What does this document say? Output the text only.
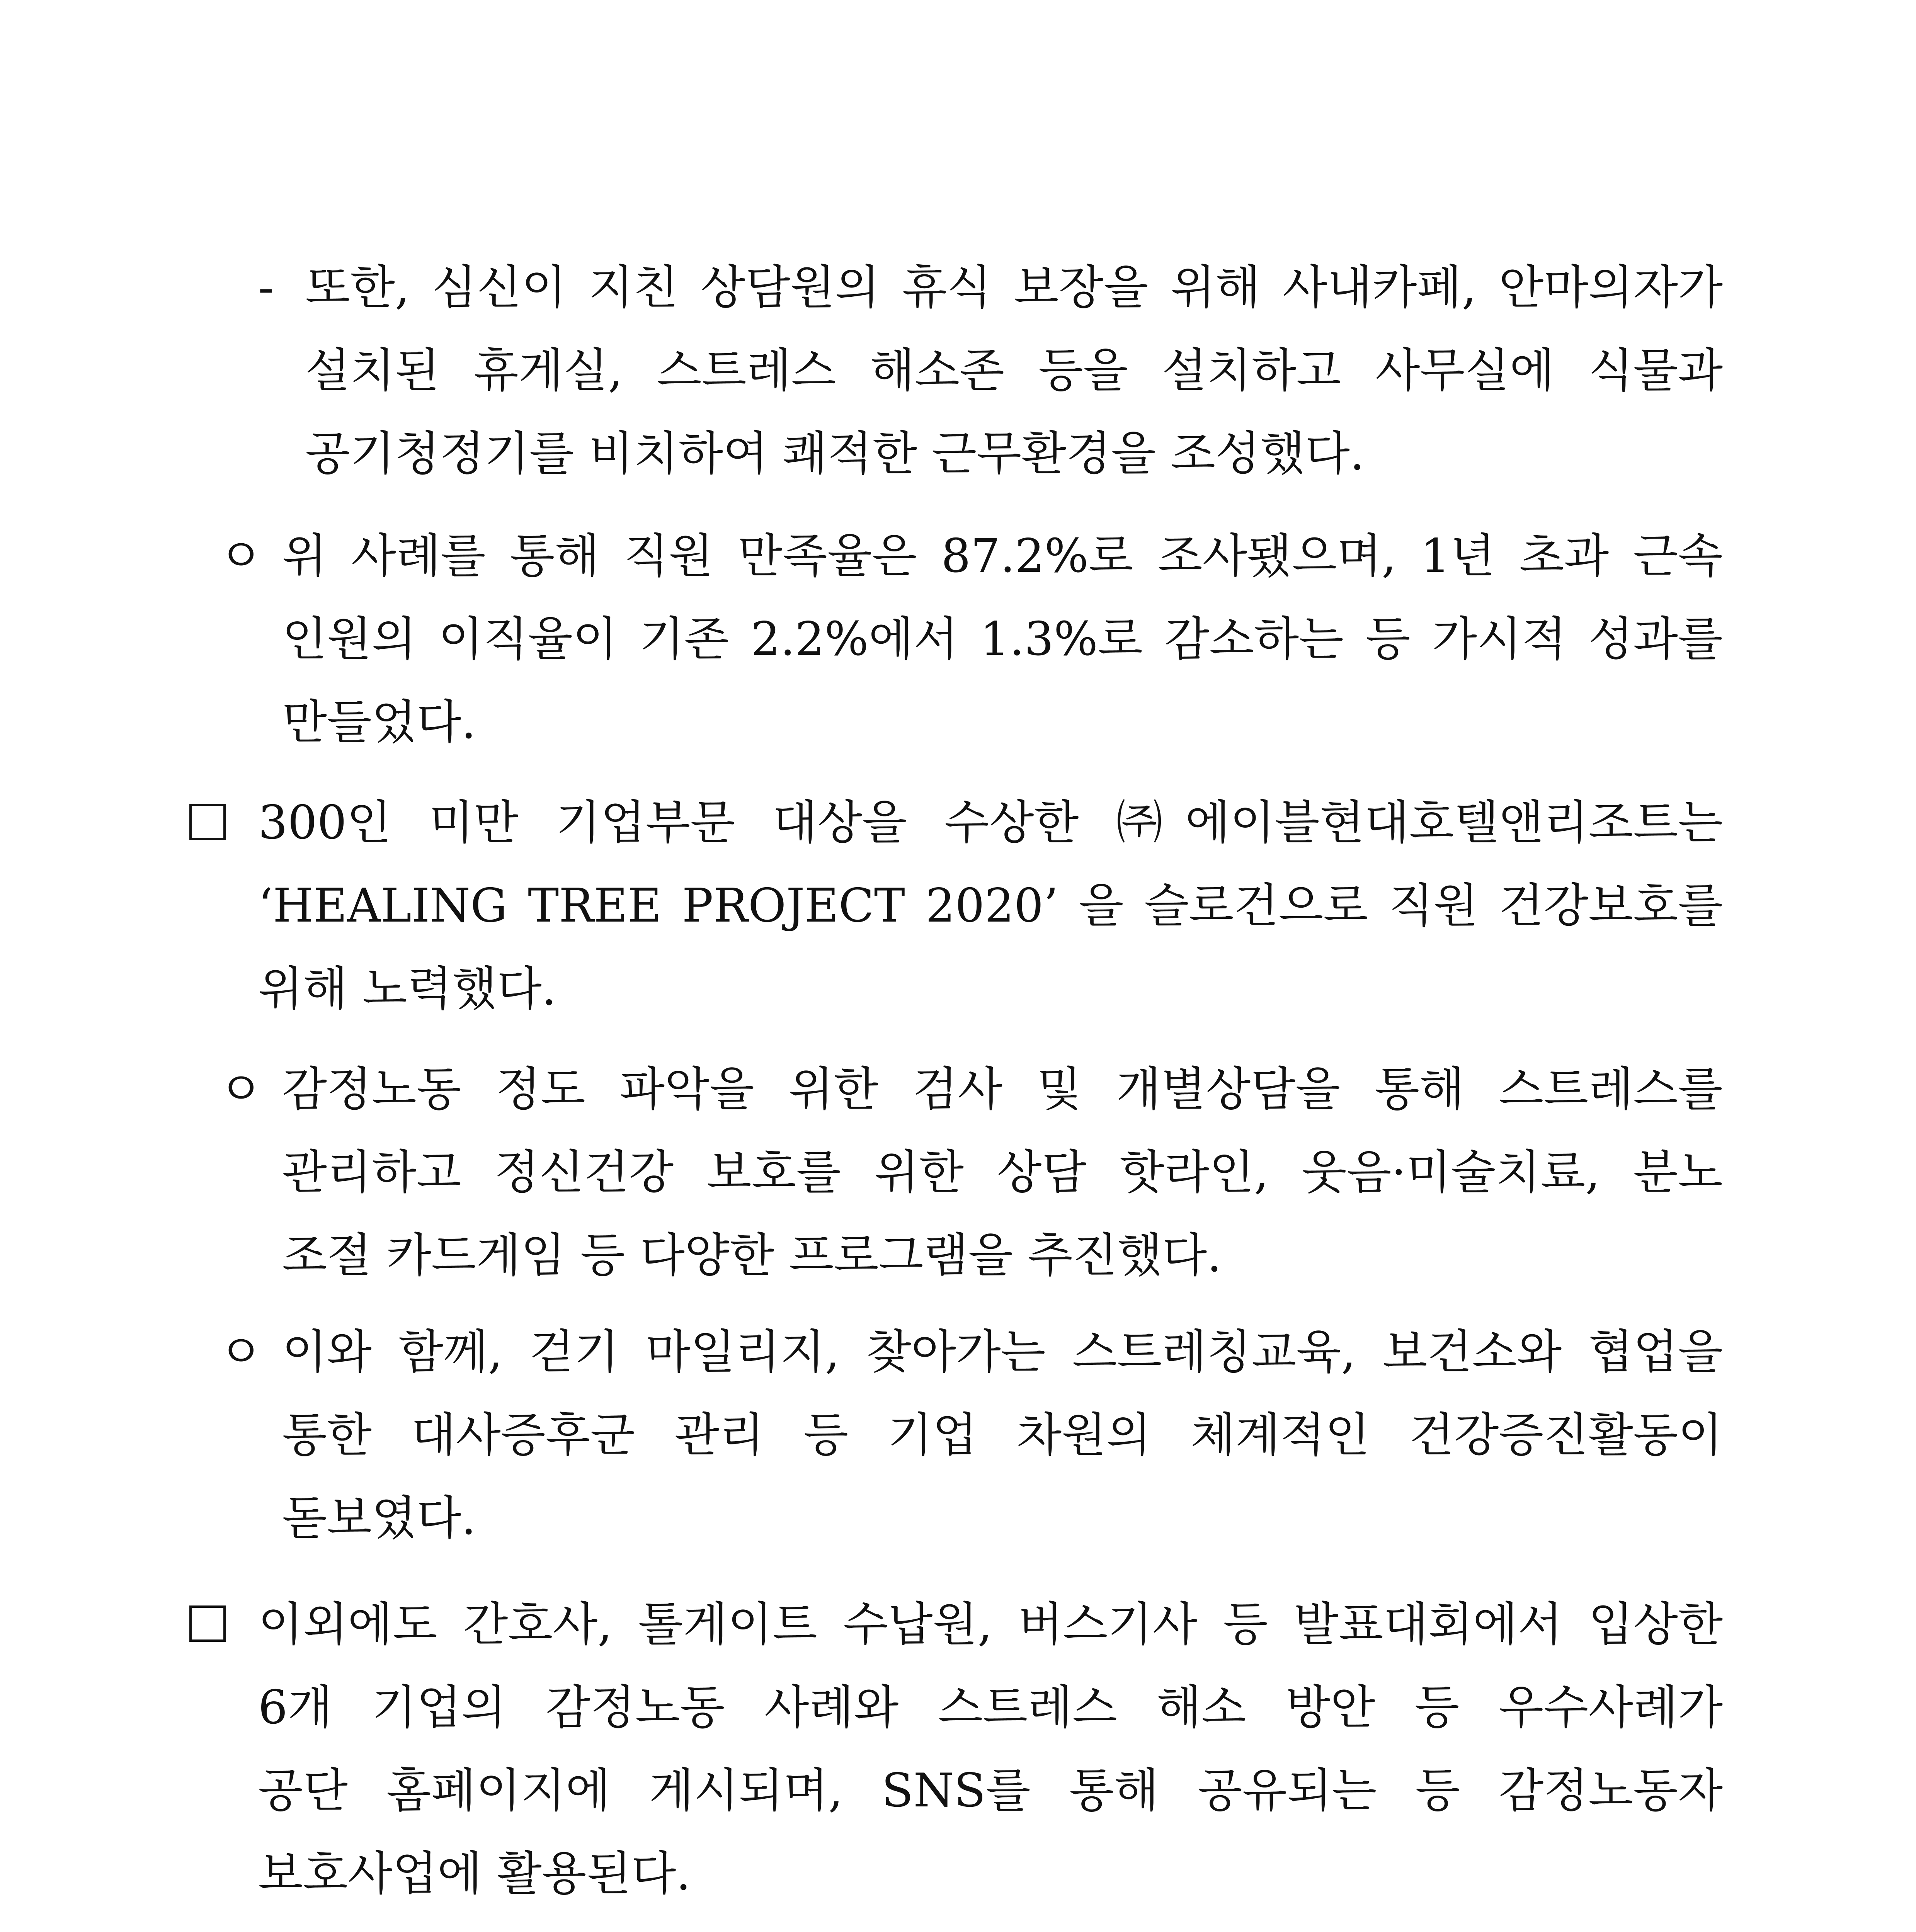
- 또한, 심신이 지친 상담원의 휴식 보장을 위해 사내카페, 안마의자가
설치된 휴게실, 스트레스 해소존 등을 설치하고 사무실에 식물과
공기청정기를 비치하여 쾌적한 근무환경을 조성했다.
ㅇ 위 사례를 통해 직원 만족율은 87.2%로 조사됐으며, 1년 초과 근속
인원의 이직율이 기존 2.2%에서 1.3%로 감소하는 등 가시적 성과를
만들었다.
300인 미만 기업부문 대상을 수상한 ㈜에이블현대호텔앤리조트는
‘HEALING TREE PROJECT 2020’ 을 슬로건으로 직원 건강보호를
위해 노력했다.
ㅇ 감정노동 정도 파악을 위한 검사 및 개별상담을 통해 스트레스를
관리하고 정신건강 보호를 위한 상담 핫라인, 웃음·미술치료, 분노
조절 카드게임 등 다양한 프로그램을 추진했다.
ㅇ 이와 함께, 걷기 마일리지, 찾아가는 스트레칭교육, 보건소와 협업을
통한 대사증후군 관리 등 기업 차원의 체계적인 건강증진활동이
돋보였다.
이외에도 간호사, 톨게이트 수납원, 버스기사 등 발표대회에서 입상한
6개 기업의 감정노동 사례와 스트레스 해소 방안 등 우수사례가
공단 홈페이지에 게시되며, SNS를 통해 공유되는 등 감정노동자
보호사업에 활용된다.
